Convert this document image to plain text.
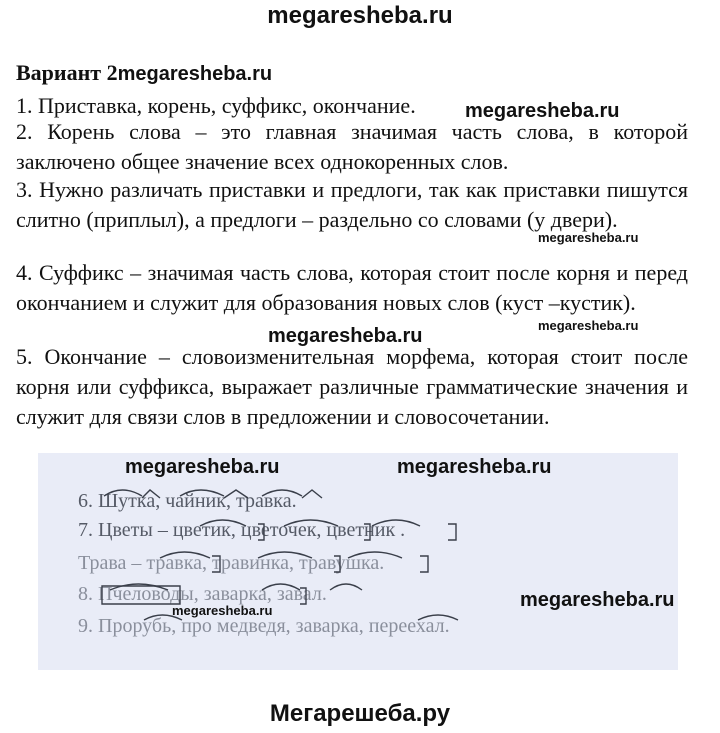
megaresheba.ru
Вариант 2megaresheba.ru

1. Приставка, корень, суффикс, окончание.

2. Корень слова – это главная значимая часть слова, в которой заключено общее значение всех однокоренных слов.

3. Нужно различать приставки и предлоги, так как приставки пишутся слитно (приплыл), а предлоги – раздельно со словами (у двери).

4. Суффикс – значимая часть слова, которая стоит после корня и перед окончанием и служит для образования новых слов (куст –кустик).

5. Окончание – словоизменительная морфема, которая стоит после корня или суффикса, выражает различные грамматические значения и служит для связи слов в предложении и словосочетании.

6. Шутка, чайник, травка.
7. Цветы – цветик, цветочек, цветник .
Трава – травка, травинка, травушка.
8. Пчеловоды, заварка, завал.
9. Прорубь, про медведя, заварка, переехал.
megaresheba.ru
megaresheba.ru
megaresheba.ru
megaresheba.ru
megaresheba.ru	megaresheba.ru
megaresheba.ru
megaresheba.ru
Мегарешеба.ру
